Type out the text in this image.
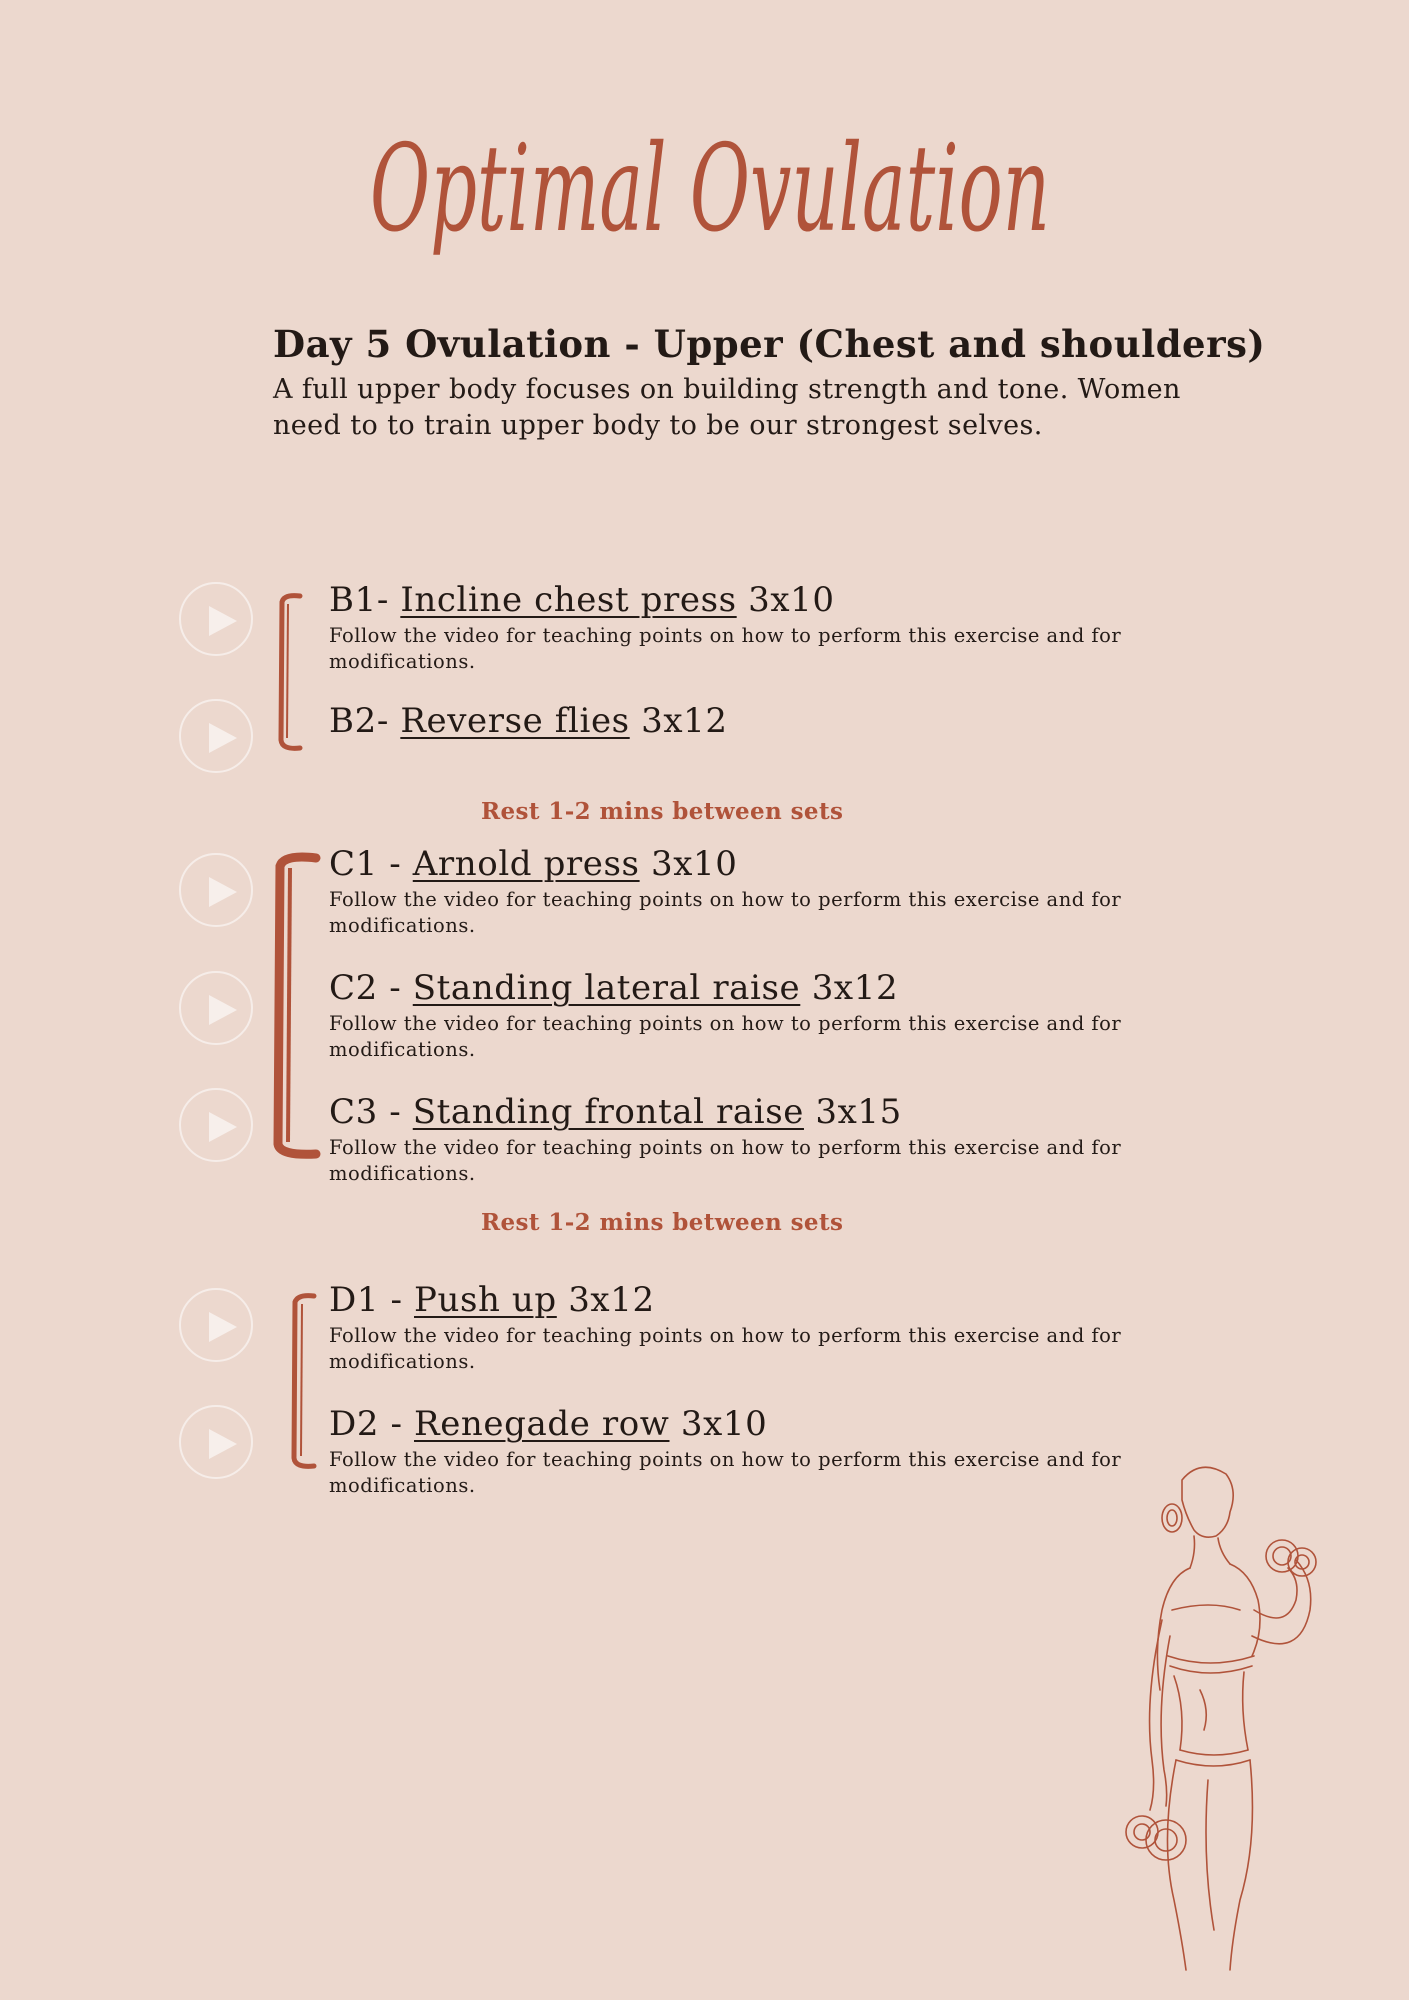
Optimal Ovulation
Day 5 Ovulation - Upper (Chest and shoulders)
A full upper body focuses on building strength and tone. Women
need to to train upper body to be our strongest selves.
B1- Incline chest press 3x10
Follow the video for teaching points on how to perform this exercise and for
modifications.
B2- Reverse flies 3x12
Rest 1-2 mins between sets
C1 - Arnold press 3x10
Follow the video for teaching points on how to perform this exercise and for
modifications.
C2 - Standing lateral raise 3x12
Follow the video for teaching points on how to perform this exercise and for
modifications.
C3 - Standing frontal raise 3x15
Follow the video for teaching points on how to perform this exercise and for
modifications.
Rest 1-2 mins between sets
D1 - Push up 3x12
Follow the video for teaching points on how to perform this exercise and for
modifications.
D2 - Renegade row 3x10
Follow the video for teaching points on how to perform this exercise and for
modifications.
